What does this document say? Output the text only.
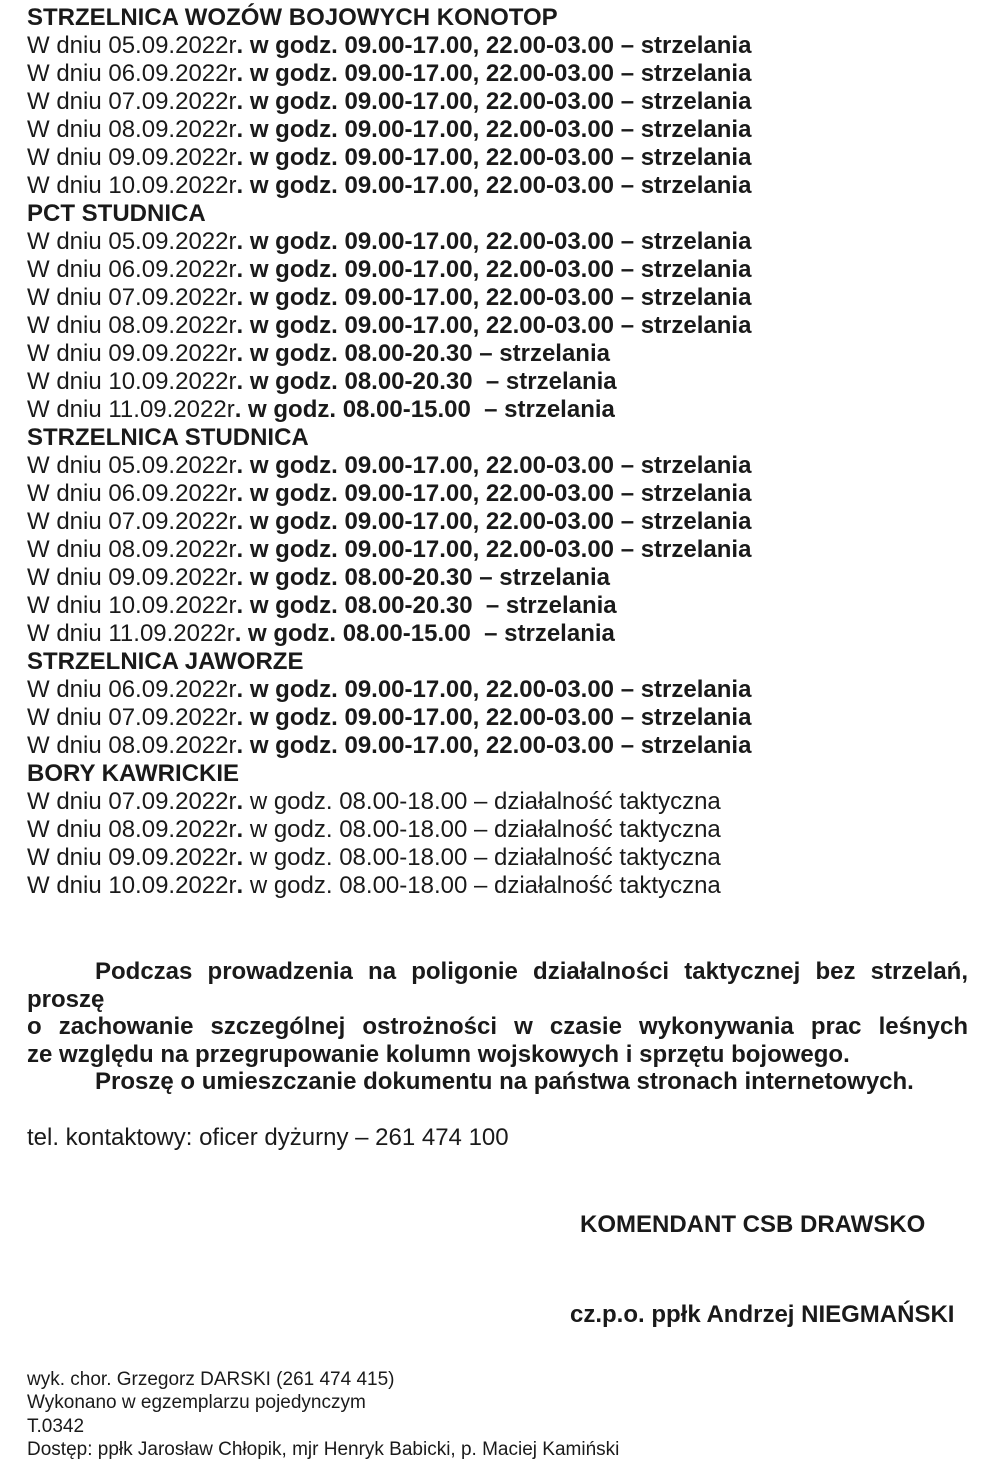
STRZELNICA WOZÓW BOJOWYCH KONOTOP
W dniu 05.09.2022r. w godz. 09.00-17.00, 22.00-03.00 – strzelania
W dniu 06.09.2022r. w godz. 09.00-17.00, 22.00-03.00 – strzelania
W dniu 07.09.2022r. w godz. 09.00-17.00, 22.00-03.00 – strzelania
W dniu 08.09.2022r. w godz. 09.00-17.00, 22.00-03.00 – strzelania
W dniu 09.09.2022r. w godz. 09.00-17.00, 22.00-03.00 – strzelania
W dniu 10.09.2022r. w godz. 09.00-17.00, 22.00-03.00 – strzelania
PCT STUDNICA
W dniu 05.09.2022r. w godz. 09.00-17.00, 22.00-03.00 – strzelania
W dniu 06.09.2022r. w godz. 09.00-17.00, 22.00-03.00 – strzelania
W dniu 07.09.2022r. w godz. 09.00-17.00, 22.00-03.00 – strzelania
W dniu 08.09.2022r. w godz. 09.00-17.00, 22.00-03.00 – strzelania
W dniu 09.09.2022r. w godz. 08.00-20.30 – strzelania
W dniu 10.09.2022r. w godz. 08.00-20.30  – strzelania
W dniu 11.09.2022r. w godz. 08.00-15.00  – strzelania
STRZELNICA STUDNICA
W dniu 05.09.2022r. w godz. 09.00-17.00, 22.00-03.00 – strzelania
W dniu 06.09.2022r. w godz. 09.00-17.00, 22.00-03.00 – strzelania
W dniu 07.09.2022r. w godz. 09.00-17.00, 22.00-03.00 – strzelania
W dniu 08.09.2022r. w godz. 09.00-17.00, 22.00-03.00 – strzelania
W dniu 09.09.2022r. w godz. 08.00-20.30 – strzelania
W dniu 10.09.2022r. w godz. 08.00-20.30  – strzelania
W dniu 11.09.2022r. w godz. 08.00-15.00  – strzelania
STRZELNICA JAWORZE
W dniu 06.09.2022r. w godz. 09.00-17.00, 22.00-03.00 – strzelania
W dniu 07.09.2022r. w godz. 09.00-17.00, 22.00-03.00 – strzelania
W dniu 08.09.2022r. w godz. 09.00-17.00, 22.00-03.00 – strzelania
BORY KAWRICKIE
W dniu 07.09.2022r. w godz. 08.00-18.00 – działalność taktyczna
W dniu 08.09.2022r. w godz. 08.00-18.00 – działalność taktyczna
W dniu 09.09.2022r. w godz. 08.00-18.00 – działalność taktyczna
W dniu 10.09.2022r. w godz. 08.00-18.00 – działalność taktyczna
Podczas prowadzenia na poligonie działalności taktycznej bez strzelań, proszę
o zachowanie szczególnej ostrożności w czasie wykonywania prac leśnych
ze względu na przegrupowanie kolumn wojskowych i sprzętu bojowego.
Proszę o umieszczanie dokumentu na państwa stronach internetowych.
tel. kontaktowy: oficer dyżurny – 261 474 100
KOMENDANT CSB DRAWSKO
cz.p.o. ppłk Andrzej NIEGMAŃSKI
wyk. chor. Grzegorz DARSKI (261 474 415)
Wykonano w egzemplarzu pojedynczym
T.0342
Dostęp: ppłk Jarosław Chłopik, mjr Henryk Babicki, p. Maciej Kamiński
